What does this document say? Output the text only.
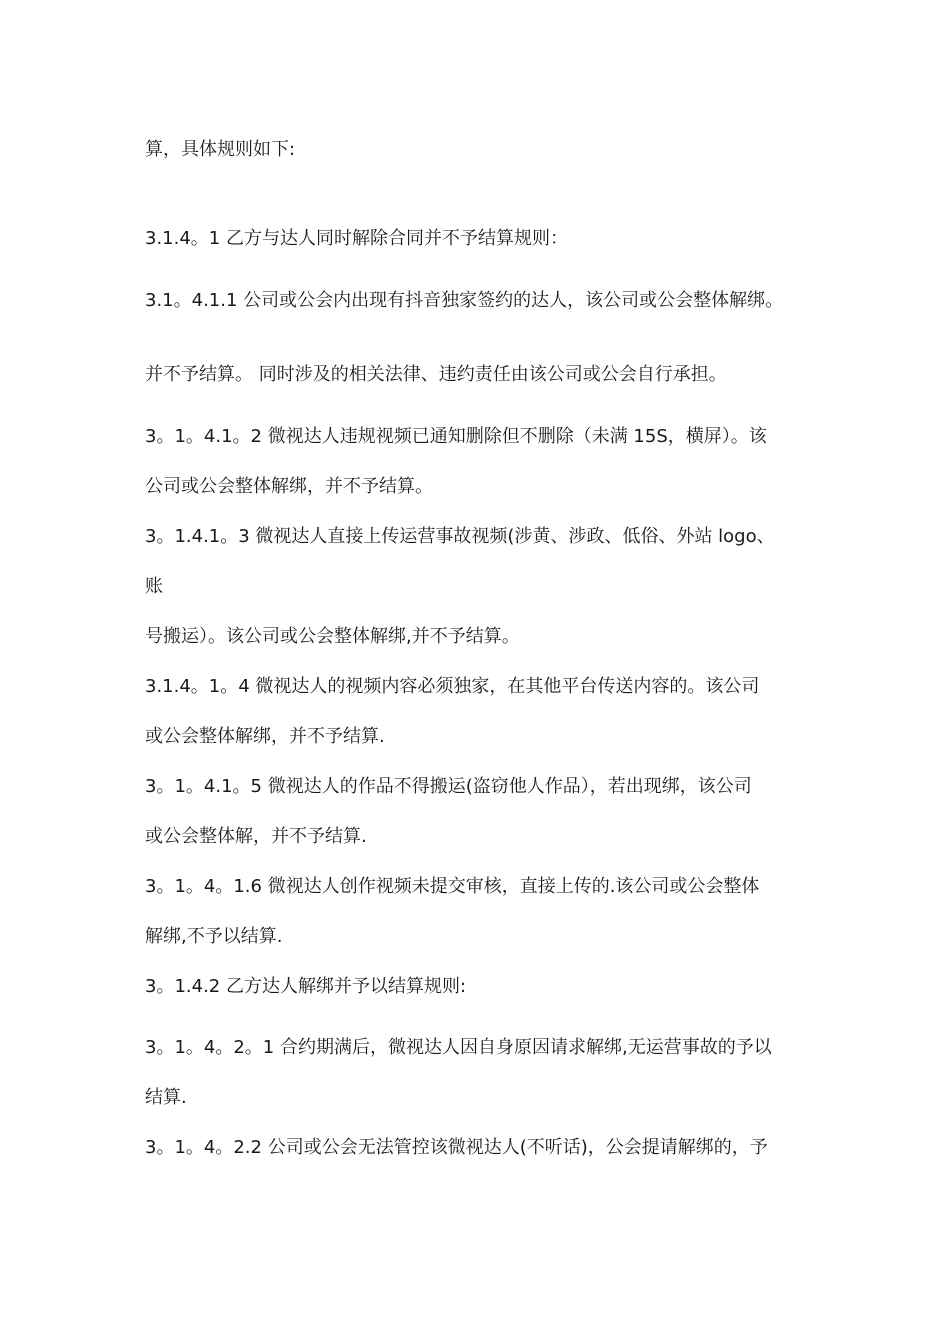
算，具体规则如下:
3.1.4。1 乙方与达人同时解除合同并不予结算规则：
3.1。4.1.1 公司或公会内出现有抖音独家签约的达人，该公司或公会整体解绑。
并不予结算。 同时涉及的相关法律、违约责任由该公司或公会自行承担。
3。1。4.1。2 微视达人违规视频已通知删除但不删除（未满 15S，横屏）。该
公司或公会整体解绑，并不予结算。
3。1.4.1。3 微视达人直接上传运营事故视频(涉黄、涉政、低俗、外站 logo、
账
号搬运）。该公司或公会整体解绑,并不予结算。
3.1.4。1。4 微视达人的视频内容必须独家，在其他平台传送内容的。该公司
或公会整体解绑，并不予结算.
3。1。4.1。5 微视达人的作品不得搬运(盗窃他人作品），若出现绑，该公司
或公会整体解，并不予结算.
3。1。4。1.6 微视达人创作视频未提交审核，直接上传的.该公司或公会整体
解绑,不予以结算.
3。1.4.2 乙方达人解绑并予以结算规则:
3。1。4。2。1 合约期满后，微视达人因自身原因请求解绑,无运营事故的予以
结算.
3。1。4。2.2 公司或公会无法管控该微视达人(不听话)，公会提请解绑的，予
